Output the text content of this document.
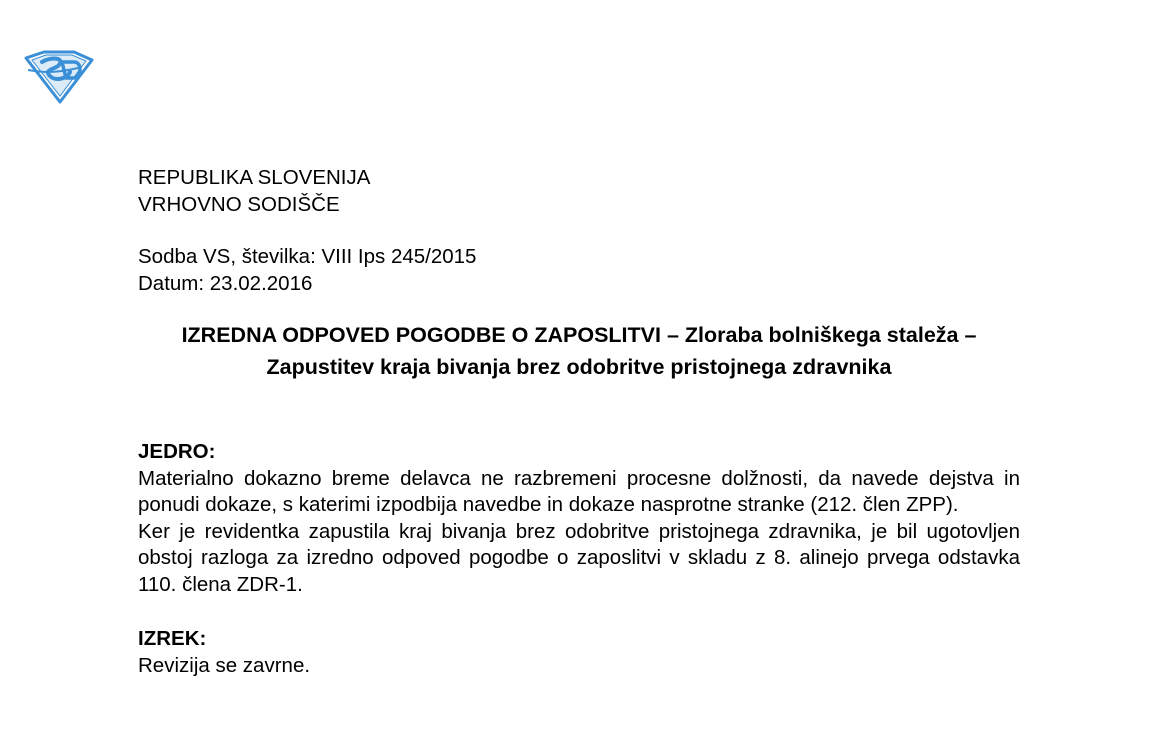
REPUBLIKA SLOVENIJA
VRHOVNO SODIŠČE
Sodba VS, številka: VIII Ips 245/2015
Datum: 23.02.2016
IZREDNA ODPOVED POGODBE O ZAPOSLITVI – Zloraba bolniškega staleža – Zapustitev kraja bivanja brez odobritve pristojnega zdravnika
JEDRO:
Materialno dokazno breme delavca ne razbremeni procesne dolžnosti, da navede dejstva in ponudi dokaze, s katerimi izpodbija navedbe in dokaze nasprotne stranke (212. člen ZPP).
Ker je revidentka zapustila kraj bivanja brez odobritve pristojnega zdravnika, je bil ugotovljen obstoj razloga za izredno odpoved pogodbe o zaposlitvi v skladu z 8. alinejo prvega odstavka 110. člena ZDR-1.
IZREK:
Revizija se zavrne.
